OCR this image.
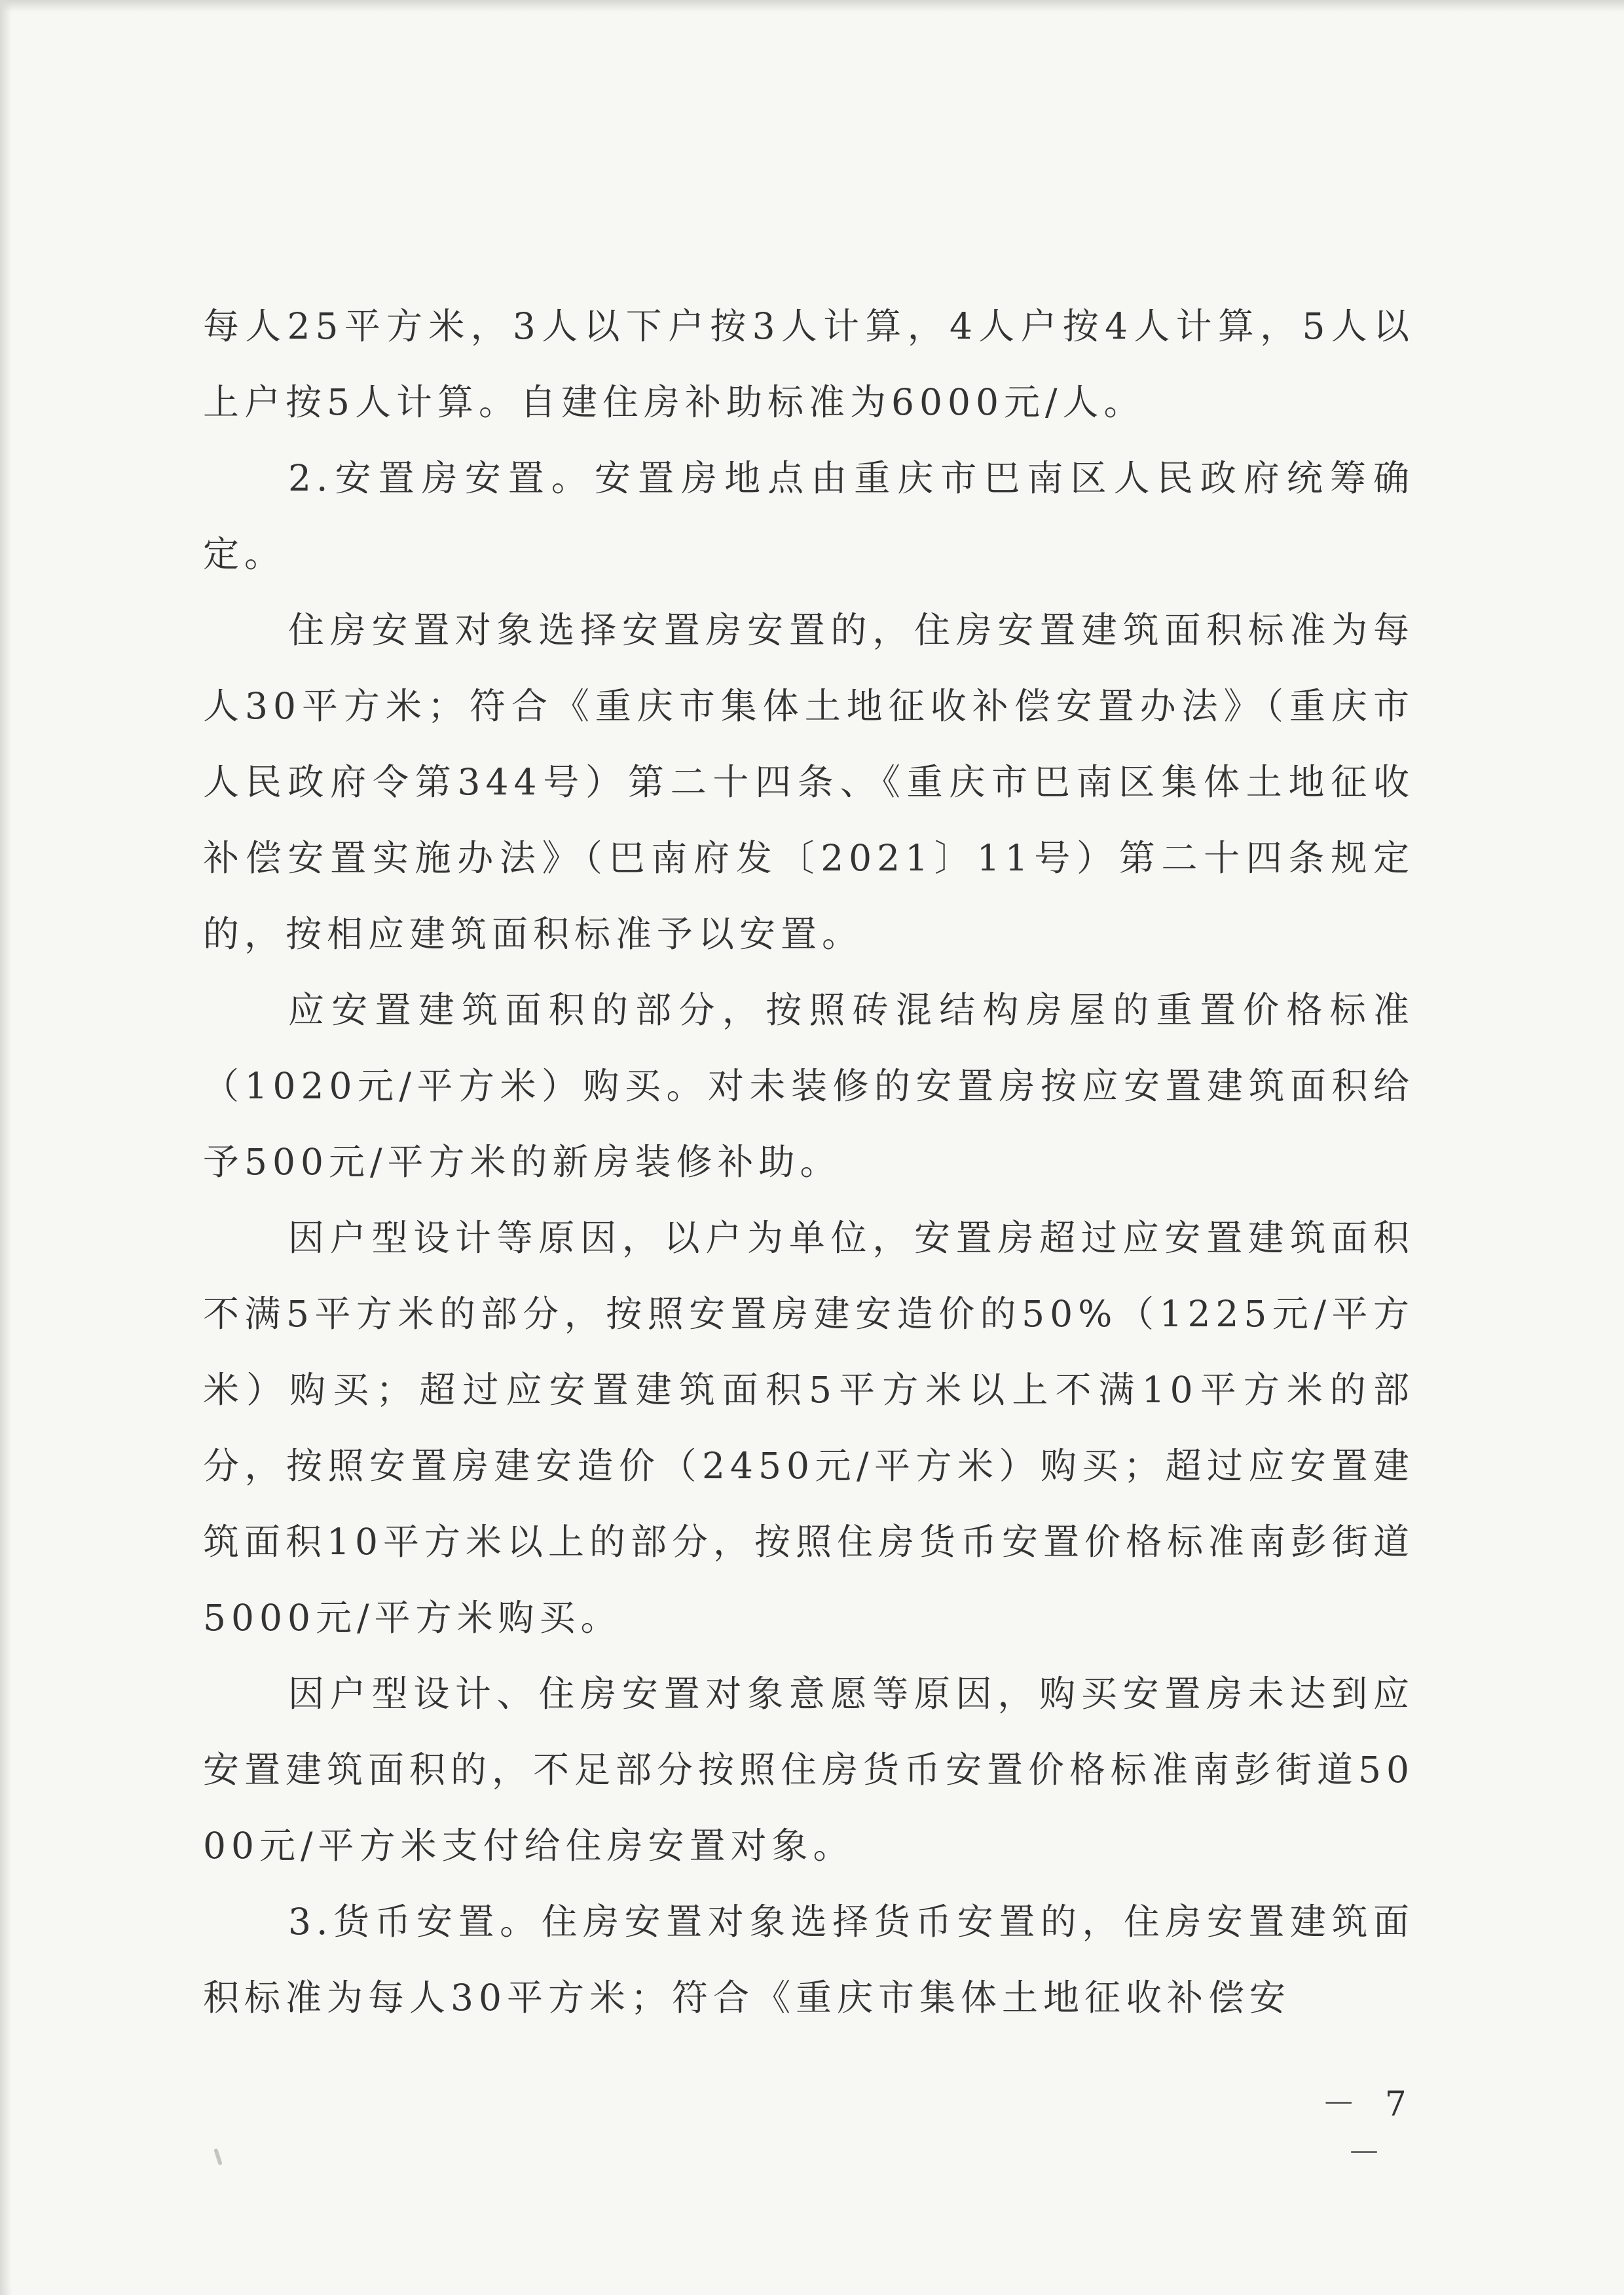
每人25平方米，3人以下户按3人计算，4人户按4人计算，5人以上户按5人计算。自建住房补助标准为6000元/人。

2.安置房安置。安置房地点由重庆市巴南区人民政府统筹确定。

住房安置对象选择安置房安置的，住房安置建筑面积标准为每人30平方米；符合《重庆市集体土地征收补偿安置办法》（重庆市人民政府令第344号）第二十四条、《重庆市巴南区集体土地征收补偿安置实施办法》（巴南府发〔2021〕11号）第二十四条规定的，按相应建筑面积标准予以安置。

应安置建筑面积的部分，按照砖混结构房屋的重置价格标准（1020元/平方米）购买。对未装修的安置房按应安置建筑面积给予500元/平方米的新房装修补助。

因户型设计等原因，以户为单位，安置房超过应安置建筑面积不满5平方米的部分，按照安置房建安造价的50%（1225元/平方米）购买；超过应安置建筑面积5平方米以上不满10平方米的部分，按照安置房建安造价（2450元/平方米）购买；超过应安置建筑面积10平方米以上的部分，按照住房货币安置价格标准南彭街道5000元/平方米购买。

因户型设计、住房安置对象意愿等原因，购买安置房未达到应安置建筑面积的，不足部分按照住房货币安置价格标准南彭街道5000元/平方米支付给住房安置对象。

3.货币安置。住房安置对象选择货币安置的，住房安置建筑面积标准为每人30平方米；符合《重庆市集体土地征收补偿安

－ 7 －
